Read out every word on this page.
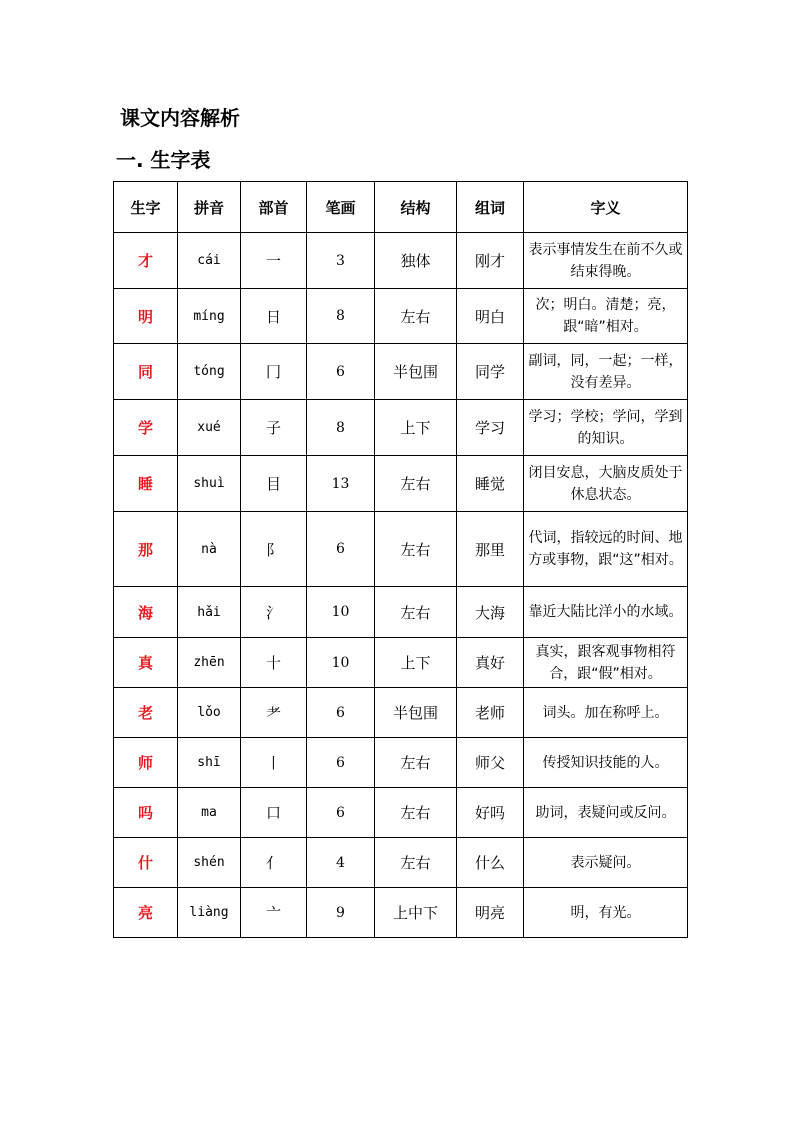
课文内容解析
一. 生字表
生字	拼音	部首	笔画	结构	组词	字义
才	cái	一	3	独体	刚才	表示事情发生在前不久或结束得晚。
明	míng	日	8	左右	明白	次；明白。清楚；亮，跟“暗”相对。
同	tóng	冂	6	半包围	同学	副词，同，一起；一样，没有差异。
学	xué	子	8	上下	学习	学习；学校；学问，学到的知识。
睡	shuì	目	13	左右	睡觉	闭目安息，大脑皮质处于休息状态。
那	nà	阝	6	左右	那里	代词，指较远的时间、地方或事物，跟“这”相对。
海	hǎi	氵	10	左右	大海	靠近大陆比洋小的水域。
真	zhēn	十	10	上下	真好	真实，跟客观事物相符合，跟“假”相对。
老	lǒo	耂	6	半包围	老师	词头。加在称呼上。
师	shī	丨	6	左右	师父	传授知识技能的人。
吗	ma	口	6	左右	好吗	助词，表疑问或反问。
什	shén	亻	4	左右	什么	表示疑问。
亮	liàng	亠	9	上中下	明亮	明，有光。
